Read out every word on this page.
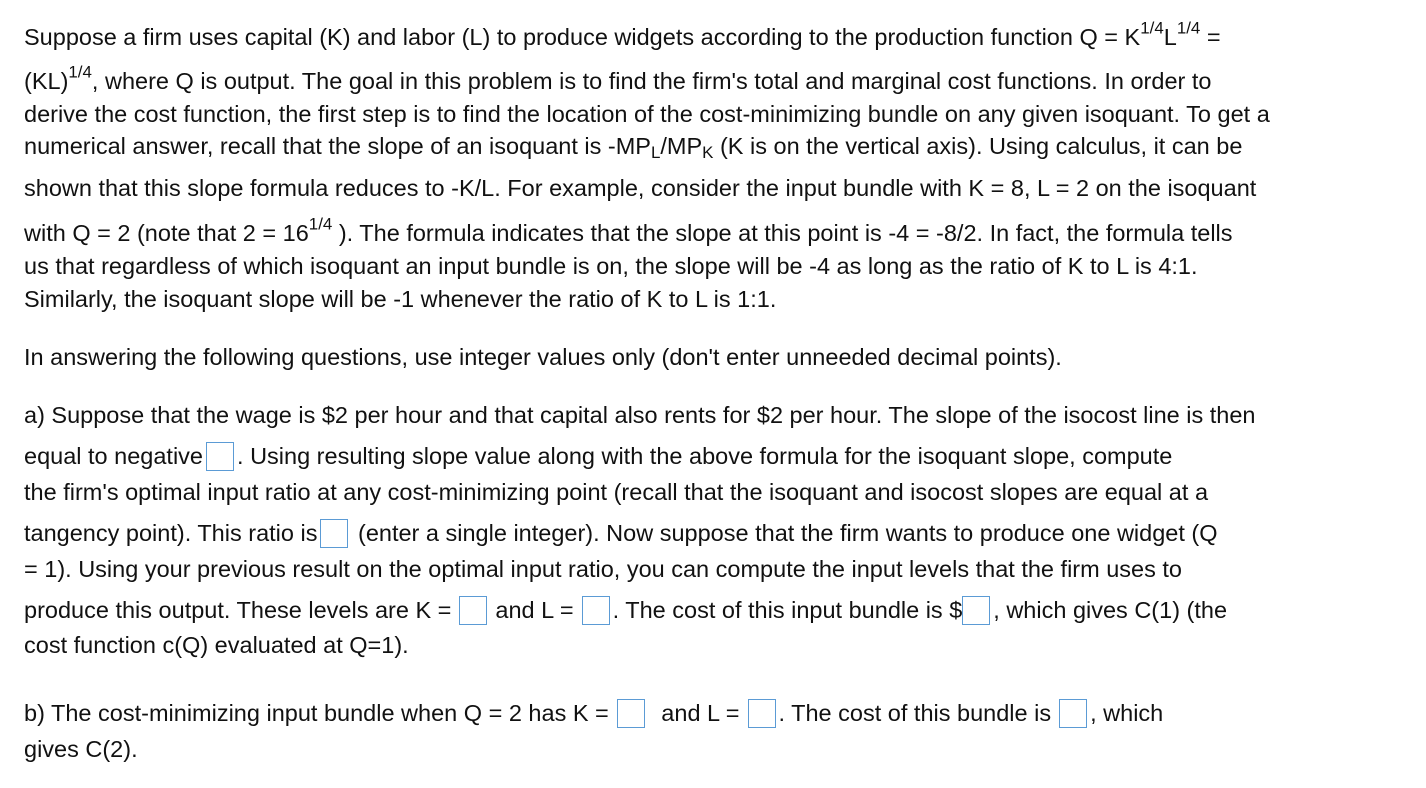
Suppose a firm uses capital (K) and labor (L) to produce widgets according to the production function $Q = K^{1/4}L^{1/4}$ =
(KL)$^{1/4}$, where Q is output. The goal in this problem is to find the firm's total and marginal cost functions. In order to
derive the cost function, the first step is to find the location of the cost-minimizing bundle on any given isoquant. To get a
numerical answer, recall that the slope of an isoquant is $-MP_L/MP_K$ (K is on the vertical axis). Using calculus, it can be
shown that this slope formula reduces to -K/L. For example, consider the input bundle with K = 8, L = 2 on the isoquant
with Q = 2 (note that $2 = 16^{1/4}$ ). The formula indicates that the slope at this point is -4 = -8/2. In fact, the formula tells
us that regardless of which isoquant an input bundle is on, the slope will be -4 as long as the ratio of K to L is 4:1.
Similarly, the isoquant slope will be -1 whenever the ratio of K to L is 1:1.
In answering the following questions, use integer values only (don't enter unneeded decimal points).
a) Suppose that the wage is $2 per hour and that capital also rents for $2 per hour. The slope of the isocost line is then
equal to negative . Using resulting slope value along with the above formula for the isoquant slope, compute
the firm's optimal input ratio at any cost-minimizing point (recall that the isoquant and isocost slopes are equal at a
tangency point). This ratio is (enter a single integer). Now suppose that the firm wants to produce one widget (Q
= 1). Using your previous result on the optimal input ratio, you can compute the input levels that the firm uses to
produce this output. These levels are K = and L = . The cost of this input bundle is $ , which gives C(1) (the
cost function c(Q) evaluated at Q=1).
b) The cost-minimizing input bundle when Q = 2 has K = and L = . The cost of this bundle is , which
gives C(2).
